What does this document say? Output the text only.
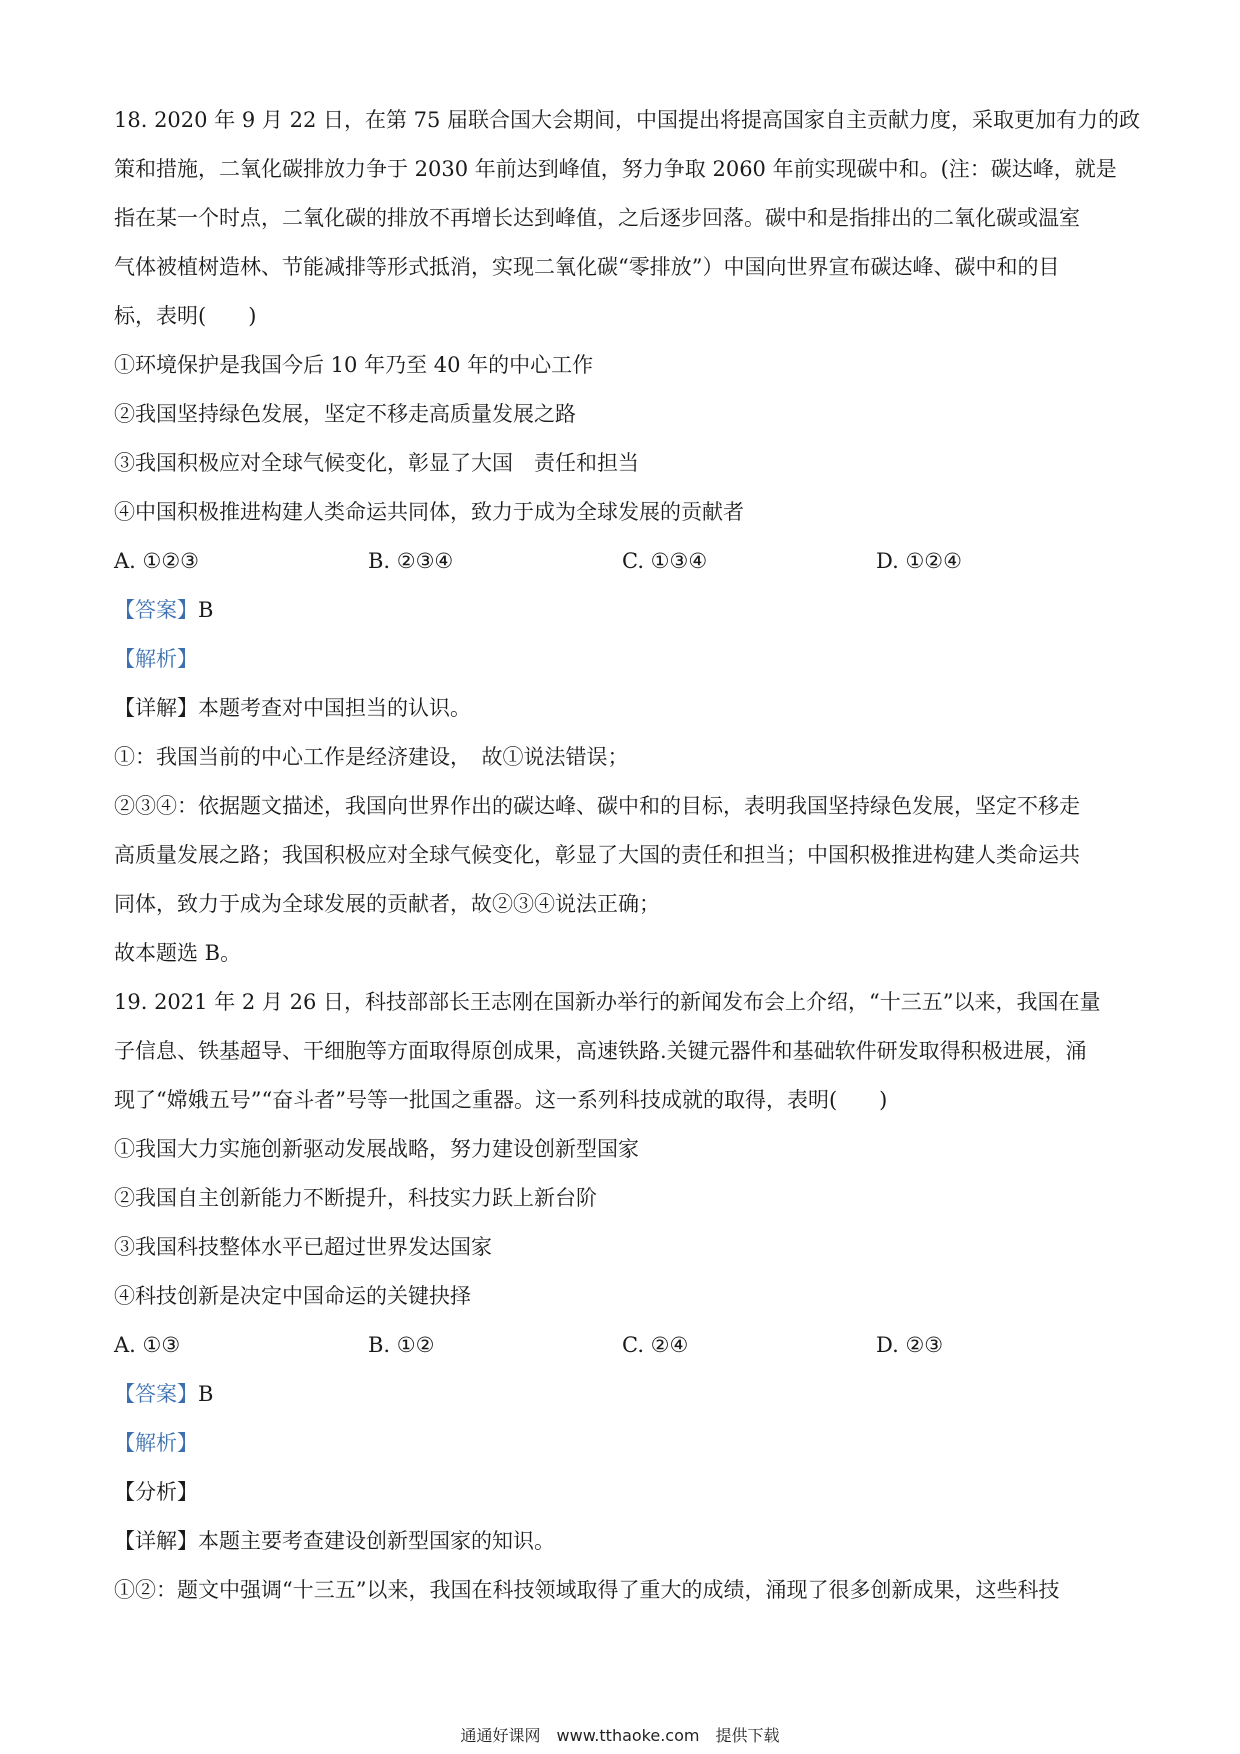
18. 2020 年 9 月 22 日，在第 75 届联合国大会期间，中国提出将提高国家自主贡献力度，采取更加有力的政
策和措施，二氧化碳排放力争于 2030 年前达到峰值，努力争取 2060 年前实现碳中和。(注：碳达峰，就是
指在某一个时点，二氧化碳的排放不再增长达到峰值，之后逐步回落。碳中和是指排出的二氧化碳或温室
气体被植树造林、节能减排等形式抵消，实现二氧化碳“零排放”）中国向世界宣布碳达峰、碳中和的目
标，表明(　　)
①环境保护是我国今后 10 年乃至 40 年的中心工作
②我国坚持绿色发展，坚定不移走高质量发展之路
③我国积极应对全球气候变化，彰显了大国　责任和担当
④中国积极推进构建人类命运共同体，致力于成为全球发展的贡献者
A. ①②③	B. ②③④	C. ①③④	D. ①②④
【答案】B
【解析】
【详解】本题考查对中国担当的认识。
①：我国当前的中心工作是经济建设，　故①说法错误；
②③④：依据题文描述，我国向世界作出的碳达峰、碳中和的目标，表明我国坚持绿色发展，坚定不移走
高质量发展之路；我国积极应对全球气候变化，彰显了大国的责任和担当；中国积极推进构建人类命运共
同体，致力于成为全球发展的贡献者，故②③④说法正确；
故本题选 B。
19. 2021 年 2 月 26 日，科技部部长王志刚在国新办举行的新闻发布会上介绍，“十三五”以来，我国在量
子信息、铁基超导、干细胞等方面取得原创成果，高速铁路.关键元器件和基础软件研发取得积极进展，涌
现了“嫦娥五号”“奋斗者”号等一批国之重器。这一系列科技成就的取得，表明(　　)
①我国大力实施创新驱动发展战略，努力建设创新型国家
②我国自主创新能力不断提升，科技实力跃上新台阶
③我国科技整体水平已超过世界发达国家
④科技创新是决定中国命运的关键抉择
A. ①③	B. ①②	C. ②④	D. ②③
【答案】B
【解析】
【分析】
【详解】本题主要考查建设创新型国家的知识。
①②：题文中强调“十三五”以来，我国在科技领域取得了重大的成绩，涌现了很多创新成果，这些科技
通通好课网　www.tthaoke.com　提供下载
